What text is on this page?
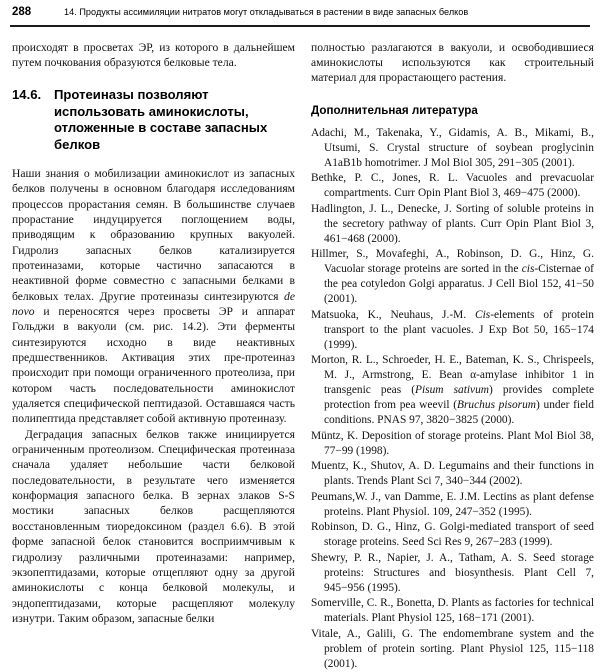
288	14. Продукты ассимиляции нитратов могут откладываться в растении в виде запасных белков

происходят в просветах ЭР, из которого в дальнейшем путем почкования образуются белковые тела.

14.6. Протеиназы позволяют использовать аминокислоты, отложенные в составе запасных белков

Наши знания о мобилизации аминокислот из запасных белков получены в основном благодаря исследованиям процессов прорастания семян. В большинстве случаев прорастание индуцируется поглощением воды, приводящим к образованию крупных вакуолей. Гидролиз запасных белков катализируется протеиназами, которые частично запасаются в неактивной форме совместно с запасными белками в белковых телах. Другие протеиназы синтезируются de novo и переносятся через просветы ЭР и аппарат Гольджи в вакуоли (см. рис. 14.2). Эти ферменты синтезируются исходно в виде неактивных предшественников. Активация этих пре-протеиназ происходит при помощи ограниченного протеолиза, при котором часть последовательности аминокислот удаляется специфической пептидазой. Оставшаяся часть полипептида представляет собой активную протеиназу.

Деградация запасных белков также инициируется ограниченным протеолизом. Специфическая протеиназа сначала удаляет небольшие части белковой последовательности, в результате чего изменяется конформация запасного белка. В зернах злаков S-S мостики запасных белков расщепляются восстановленным тиоредоксином (раздел 6.6). В этой форме запасной белок становится восприимчивым к гидролизу различными протеиназами: например, экзопептидазами, которые отщепляют одну за другой аминокислоты с конца белковой молекулы, и эндопептидазами, которые расщепляют молекулу изнутри. Таким образом, запасные белки

полностью разлагаются в вакуоли, и освободившиеся аминокислоты используются как строительный материал для прорастающего растения.

Дополнительная литература

Adachi, M., Takenaka, Y., Gidamis, A. B., Mikami, B., Utsumi, S. Crystal structure of soybean proglycinin A1aB1b homotrimer. J Mol Biol 305, 291−305 (2001).

Bethke, P. C., Jones, R. L. Vacuoles and prevacuolar compartments. Curr Opin Plant Biol 3, 469−475 (2000).

Hadlington, J. L., Denecke, J. Sorting of soluble proteins in the secretory pathway of plants. Curr Opin Plant Biol 3, 461−468 (2000).

Hillmer, S., Movafeghi, A., Robinson, D. G., Hinz, G. Vacuolar storage proteins are sorted in the cis-Cisternae of the pea cotyledon Golgi apparatus. J Cell Biol 152, 41−50 (2001).

Matsuoka, K., Neuhaus, J.-M. Cis-elements of protein transport to the plant vacuoles. J Exp Bot 50, 165−174 (1999).

Morton, R. L., Schroeder, H. E., Bateman, K. S., Chrispeels, M. J., Armstrong, E. Bean α-amylase inhibitor 1 in transgenic peas (Pisum sativum) provides complete protection from pea weevil (Bruchus pisorum) under field conditions. PNAS 97, 3820−3825 (2000).

Müntz, K. Deposition of storage proteins. Plant Mol Biol 38, 77−99 (1998).

Muentz, K., Shutov, A. D. Legumains and their functions in plants. Trends Plant Sci 7, 340−344 (2002).

Peumans,W. J., van Damme, E. J.M. Lectins as plant defense proteins. Plant Physiol. 109, 247−352 (1995).

Robinson, D. G., Hinz, G. Golgi-mediated transport of seed storage proteins. Seed Sci Res 9, 267−283 (1999).

Shewry, P. R., Napier, J. A., Tatham, A. S. Seed storage proteins: Structures and biosynthesis. Plant Cell 7, 945−956 (1995).

Somerville, C. R., Bonetta, D. Plants as factories for technical materials. Plant Physiol 125, 168−171 (2001).

Vitale, A., Galili, G. The endomembrane system and the problem of protein sorting. Plant Physiol 125, 115−118 (2001).
